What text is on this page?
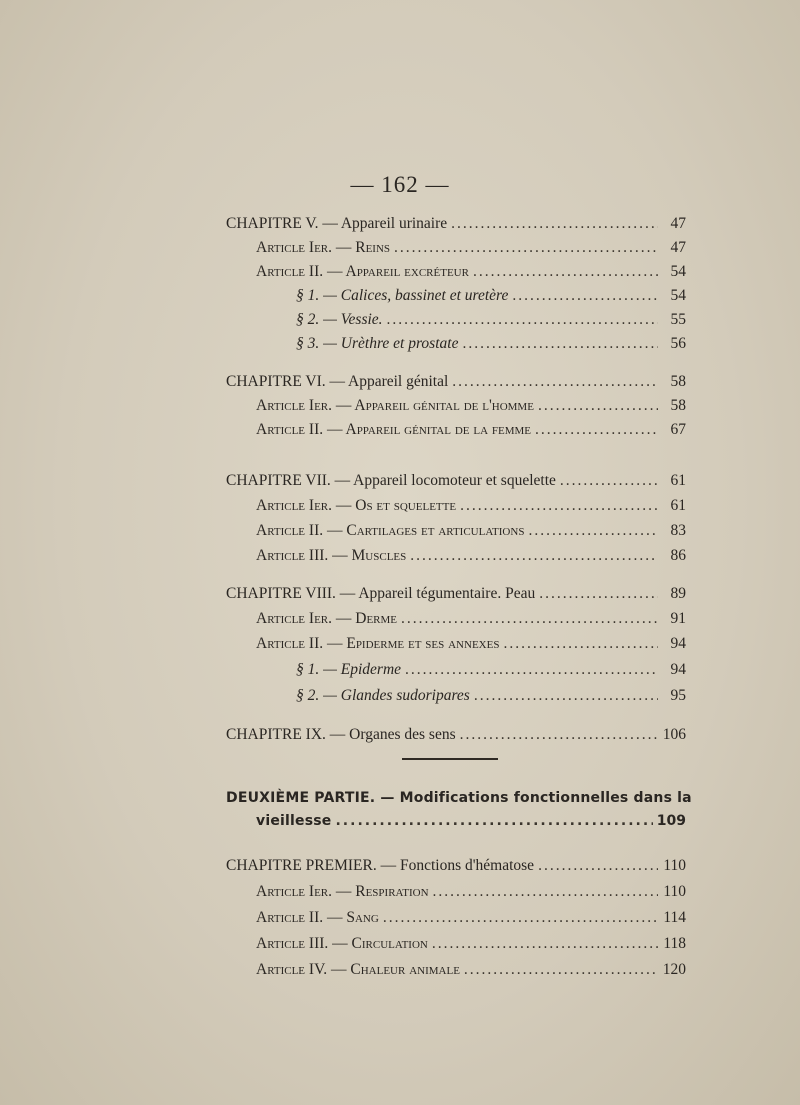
— 162 —
CHAPITRE V. — Appareil urinaire .....	47
Article Ier. — Reins .....	47
Article II. — Appareil excréteur .....	54
§ 1. — Calices, bassinet et uretère .....	54
§ 2. — Vessie. .....	55
§ 3. — Urèthre et prostate .....	56
CHAPITRE VI. — Appareil génital .....	58
Article Ier. — Appareil génital de l'homme .....	58
Article II. — Appareil génital de la femme .....	67
CHAPITRE VII. — Appareil locomoteur et squelette .....	61
Article Ier. — Os et squelette .....	61
Article II. — Cartilages et articulations .....	83
Article III. — Muscles .....	86
CHAPITRE VIII. — Appareil tégumentaire. Peau .....	89
Article Ier. — Derme .....	91
Article II. — Epiderme et ses annexes .....	94
§ 1. — Epiderme .....	94
§ 2. — Glandes sudoripares .....	95
CHAPITRE IX. — Organes des sens .....	106
DEUXIÈME PARTIE. — Modifications fonctionnelles dans la
vieillesse .....	109
CHAPITRE PREMIER. — Fonctions d'hématose .....	110
Article Ier. — Respiration .....	110
Article II. — Sang .....	114
Article III. — Circulation .....	118
Article IV. — Chaleur animale .....	120
